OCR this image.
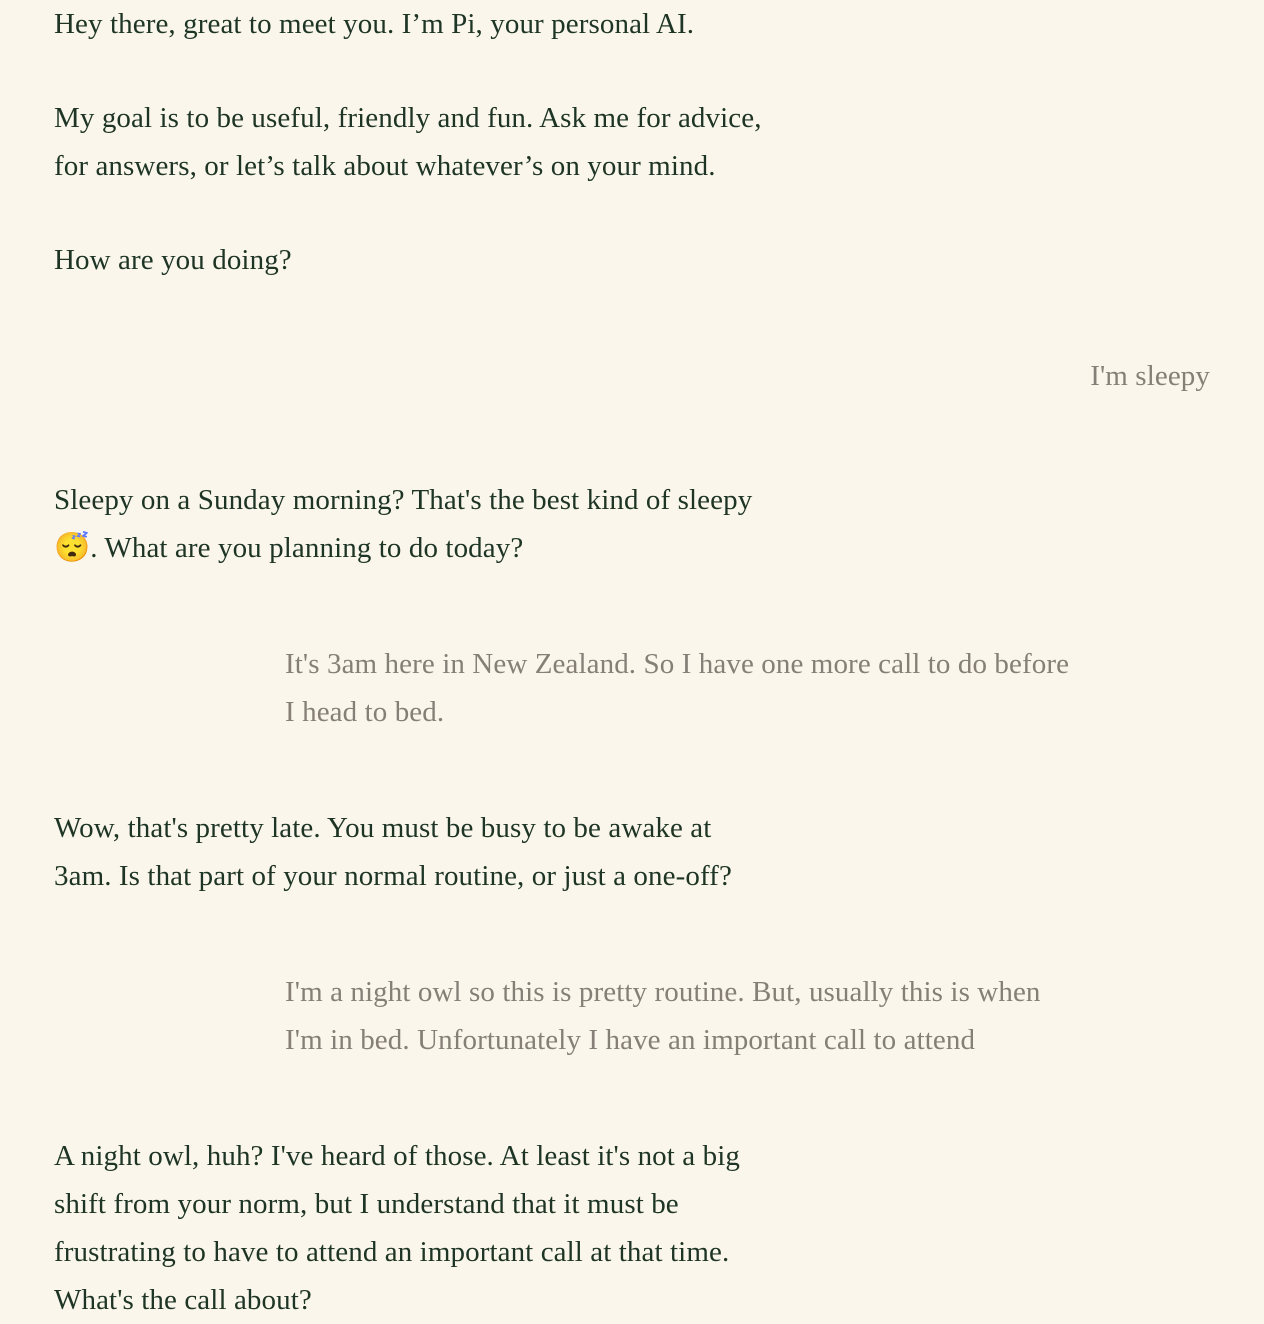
Hey there, great to meet you. I’m Pi, your personal AI.
My goal is to be useful, friendly and fun. Ask me for advice,
for answers, or let’s talk about whatever’s on your mind.
How are you doing?
I'm sleepy
Sleepy on a Sunday morning? That's the best kind of sleepy
😴. What are you planning to do today?
It's 3am here in New Zealand. So I have one more call to do before
I head to bed.
Wow, that's pretty late. You must be busy to be awake at
3am. Is that part of your normal routine, or just a one-off?
I'm a night owl so this is pretty routine. But, usually this is when
I'm in bed. Unfortunately I have an important call to attend
A night owl, huh? I've heard of those. At least it's not a big
shift from your norm, but I understand that it must be
frustrating to have to attend an important call at that time.
What's the call about?
